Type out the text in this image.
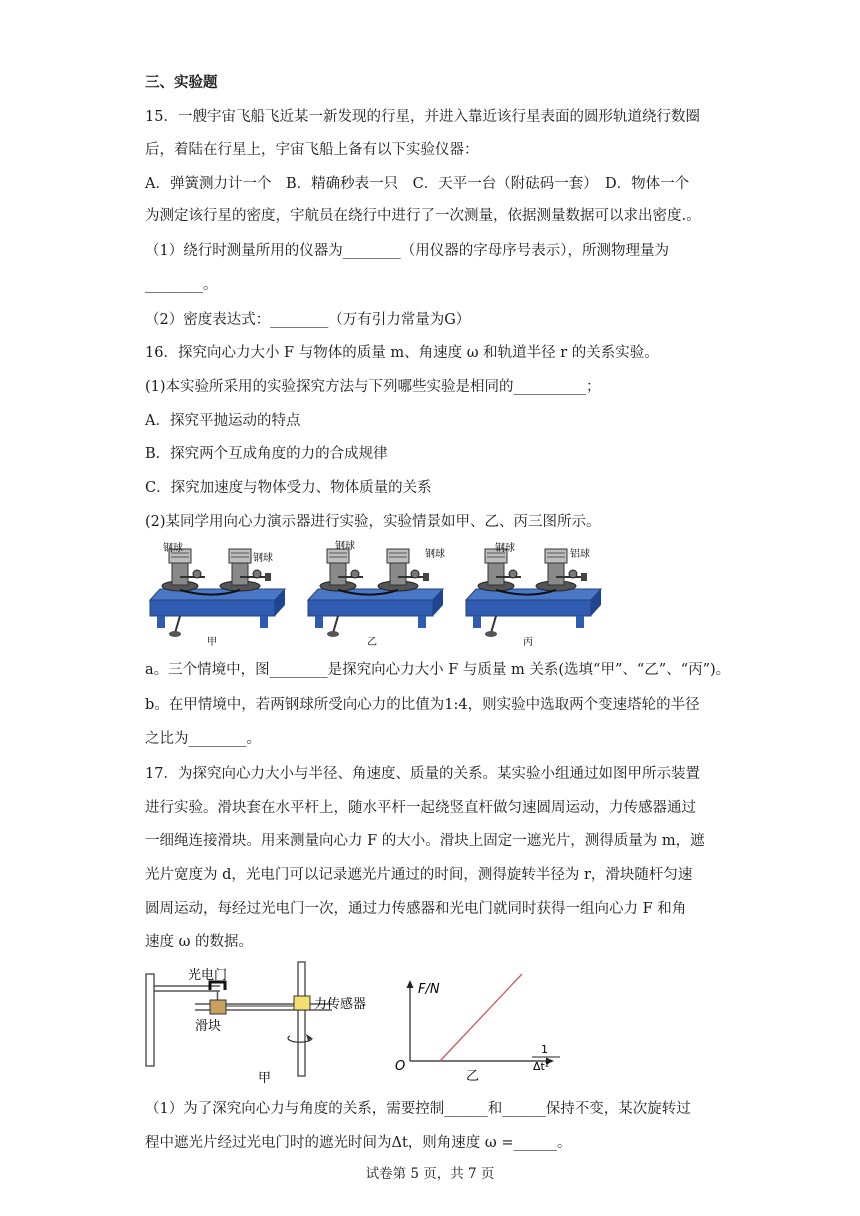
三、实验题
15．一艘宇宙飞船飞近某一新发现的行星，并进入靠近该行星表面的圆形轨道绕行数圈
后，着陆在行星上，宇宙飞船上备有以下实验仪器：
A．弹簧测力计一个　B．精确秒表一只　C．天平一台（附砝码一套）　D．物体一个
为测定该行星的密度，宇航员在绕行中进行了一次测量，依据测量数据可以求出密度.。
（1）绕行时测量所用的仪器为________（用仪器的字母序号表示），所测物理量为
________。
（2）密度表达式：________（万有引力常量为G）
16．探究向心力大小 F 与物体的质量 m、角速度 ω 和轨道半径 r 的关系实验。
(1)本实验所采用的实验探究方法与下列哪些实验是相同的__________；
A．探究平抛运动的特点
B．探究两个互成角度的力的合成规律
C．探究加速度与物体受力、物体质量的关系
(2)某同学用向心力演示器进行实验，实验情景如甲、乙、丙三图所示。
钢球
钢球
钢球
钢球
钢球
铝球
甲	乙	丙
a。三个情境中，图________是探究向心力大小 F 与质量 m 关系(选填“甲”、“乙”、“丙”)。
b。在甲情境中，若两钢球所受向心力的比值为1:4，则实验中选取两个变速塔轮的半径
之比为________。
17．为探究向心力大小与半径、角速度、质量的关系。某实验小组通过如图甲所示装置
进行实验。滑块套在水平杆上，随水平杆一起绕竖直杆做匀速圆周运动，力传感器通过
一细绳连接滑块。用来测量向心力 F 的大小。滑块上固定一遮光片，测得质量为 m，遮
光片宽度为 d，光电门可以记录遮光片通过的时间，测得旋转半径为 r，滑块随杆匀速
圆周运动，每经过光电门一次，通过力传感器和光电门就同时获得一组向心力 F 和角
速度 ω 的数据。
光电门
滑块
力传感器
甲
F/N
O
1
Δt²
乙
（1）为了深究向心力与角度的关系，需要控制______和______保持不变，某次旋转过
程中遮光片经过光电门时的遮光时间为Δt，则角速度 ω =______。
试卷第 5 页，共 7 页
